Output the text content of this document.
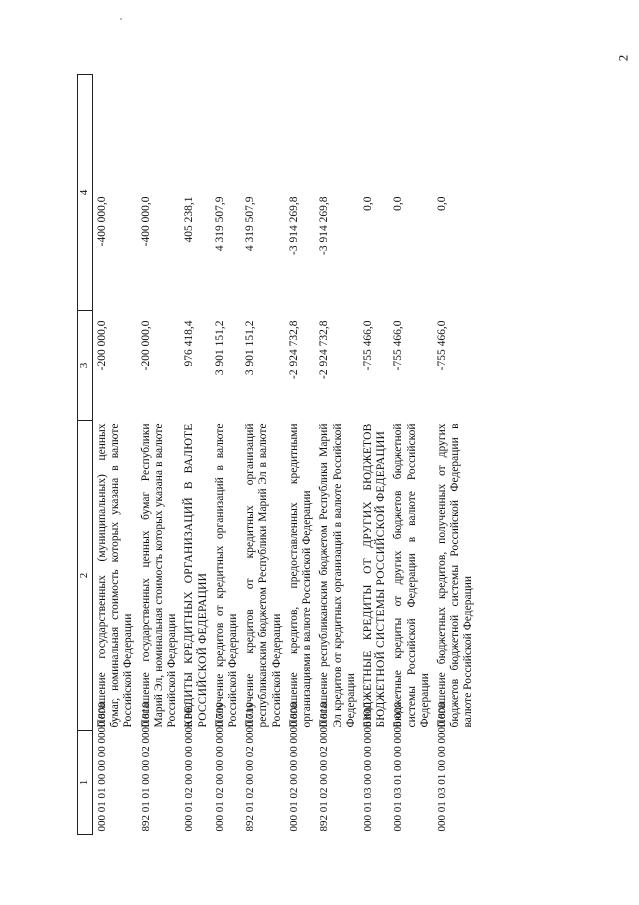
2
1	2	3	4
000 01 01 00 00 00 0000 800	Погашение государственных (муниципальных) ценных бумаг, номинальная стоимость которых указана в валюте Российской Федерации	-200 000,0	-400 000,0
892 01 01 00 00 02 0000 810	Погашение государственных ценных бумаг Республики Марий Эл, номинальная стоимость которых указана в валюте Российской Федерации	-200 000,0	-400 000,0
000 01 02 00 00 00 0000 000	КРЕДИТЫ КРЕДИТНЫХ ОРГАНИЗАЦИЙ В ВАЛЮТЕ РОССИЙСКОЙ ФЕДЕРАЦИИ	976 418,4	405 238,1
000 01 02 00 00 00 0000 700	Получение кредитов от кредитных организаций в валюте Российской Федерации	3 901 151,2	4 319 507,9
892 01 02 00 00 02 0000 710	Получение кредитов от кредитных организаций республиканским бюджетом Республики Марий Эл в валюте Российской Федерации	3 901 151,2	4 319 507,9
000 01 02 00 00 00 0000 800	Погашение кредитов, предоставленных кредитными организациями в валюте Российской Федерации	-2 924 732,8	-3 914 269,8
892 01 02 00 00 02 0000 810	Погашение республиканским бюджетом Республики Марий Эл кредитов от кредитных организаций в валюте Российской Федерации	-2 924 732,8	-3 914 269,8
000 01 03 00 00 00 0000 000	БЮДЖЕТНЫЕ КРЕДИТЫ ОТ ДРУГИХ БЮДЖЕТОВ БЮДЖЕТНОЙ СИСТЕМЫ РОССИЙСКОЙ ФЕДЕРАЦИИ	-755 466,0	0,0
000 01 03 01 00 00 0000 000	Бюджетные кредиты от других бюджетов бюджетной системы Российской Федерации в валюте Российской Федерации	-755 466,0	0,0
000 01 03 01 00 00 0000 800	Погашение бюджетных кредитов, полученных от других бюджетов бюджетной системы Российской Федерации в валюте Российской Федерации	-755 466,0	0,0
